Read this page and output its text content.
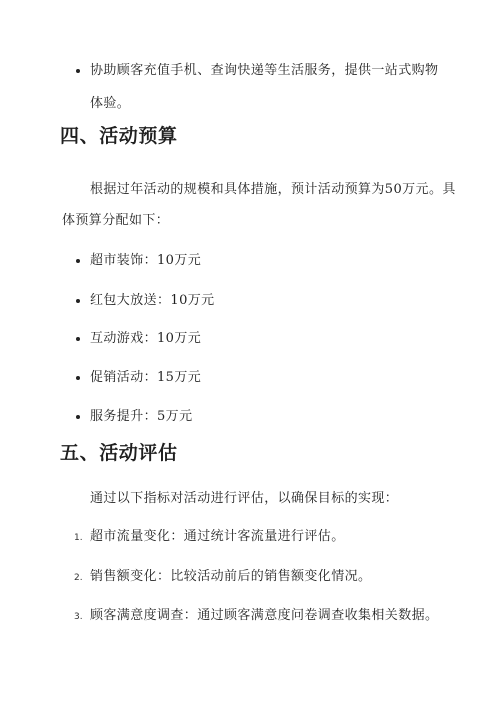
协助顾客充值手机、查询快递等生活服务，提供一站式购物
体验。
四、活动预算
根据过年活动的规模和具体措施，预计活动预算为50万元。具
体预算分配如下：
超市装饰：10万元
红包大放送：10万元
互动游戏：10万元
促销活动：15万元
服务提升：5万元
五、活动评估
通过以下指标对活动进行评估，以确保目标的实现：
1. 超市流量变化：通过统计客流量进行评估。
2. 销售额变化：比较活动前后的销售额变化情况。
3. 顾客满意度调查：通过顾客满意度问卷调查收集相关数据。
